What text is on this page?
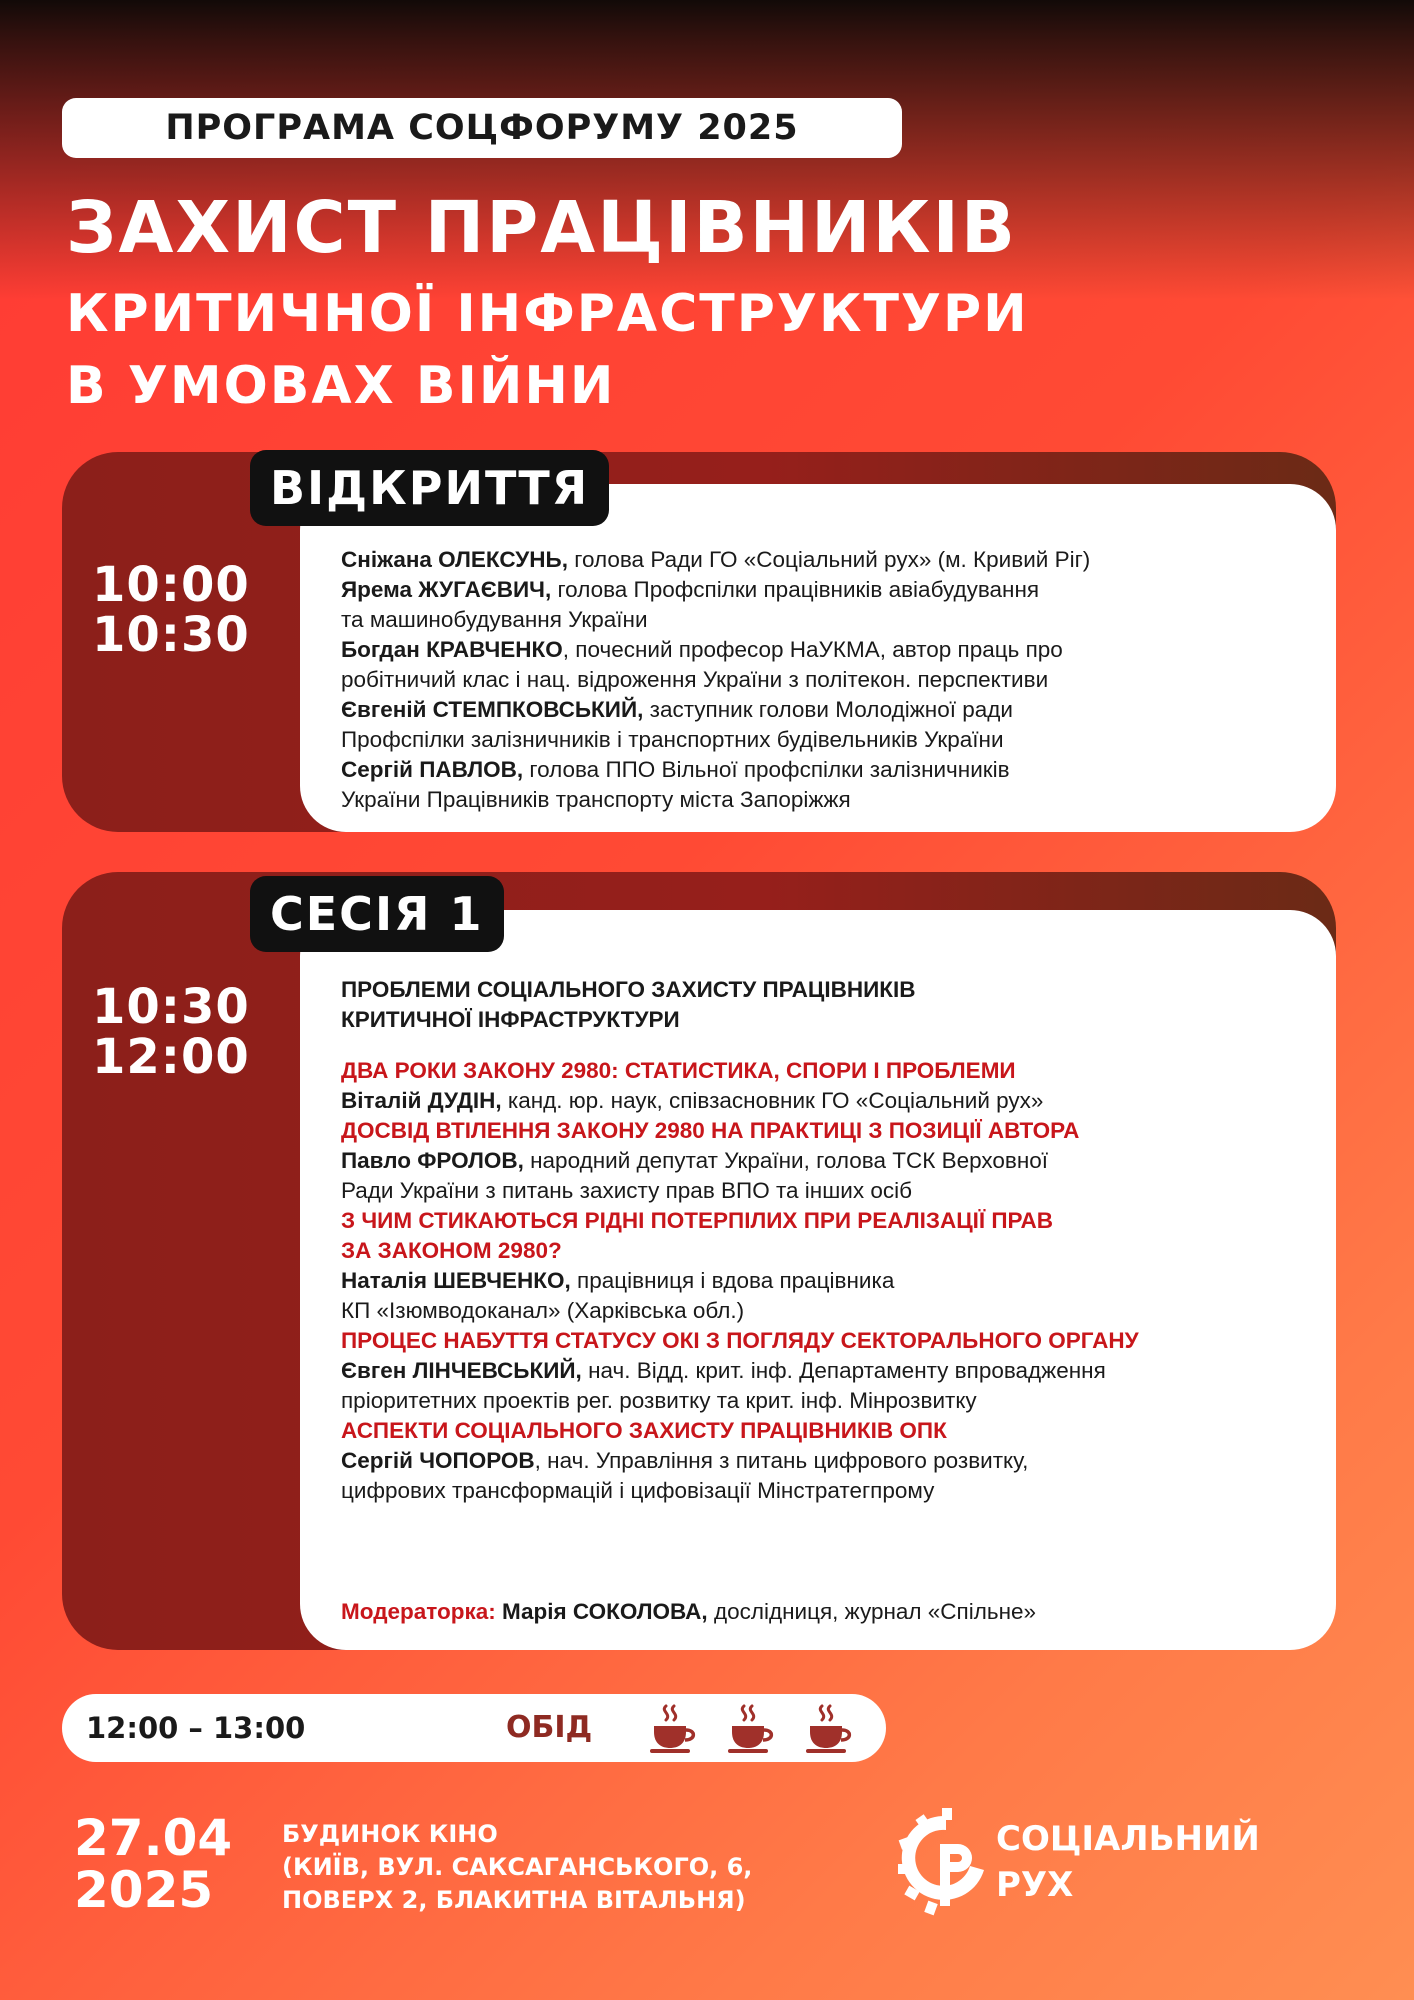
ПРОГРАМА СОЦФОРУМУ 2025
ЗАХИСТ ПРАЦІВНИКІВ
КРИТИЧНОЇ ІНФРАСТРУКТУРИ
В УМОВАХ ВІЙНИ
ВІДКРИТТЯ
10:00
10:30
Сніжана ОЛЕКСУНЬ, голова Ради ГО «Соціальний рух» (м. Кривий Ріг)
Ярема ЖУГАЄВИЧ, голова Профспілки працівників авіабудування
та машинобудування України
Богдан КРАВЧЕНКО, почесний професор НаУКМА, автор праць про
робітничий клас і нац. відроження України з політекон. перспективи
Євгеній СТЕМПКОВСЬКИЙ, заступник голови Молодіжної ради
Профспілки залізничників і транспортних будівельників України
Сергій ПАВЛОВ, голова ППО Вільної профспілки залізничників
України Працівників транспорту міста Запоріжжя
СЕСІЯ 1
10:30
12:00
ПРОБЛЕМИ СОЦІАЛЬНОГО ЗАХИСТУ ПРАЦІВНИКІВ
КРИТИЧНОЇ ІНФРАСТРУКТУРИ
ДВА РОКИ ЗАКОНУ 2980: СТАТИСТИКА, СПОРИ І ПРОБЛЕМИ
Віталій ДУДІН, канд. юр. наук, співзасновник ГО «Соціальний рух»
ДОСВІД ВТІЛЕННЯ ЗАКОНУ 2980 НА ПРАКТИЦІ З ПОЗИЦІЇ АВТОРА
Павло ФРОЛОВ, народний депутат України, голова ТСК Верховної
Ради України з питань захисту прав ВПО та інших осіб
З ЧИМ СТИКАЮТЬСЯ РІДНІ ПОТЕРПІЛИХ ПРИ РЕАЛІЗАЦІЇ ПРАВ
ЗА ЗАКОНОМ 2980?
Наталія ШЕВЧЕНКО, працівниця і вдова працівника
КП «Ізюмводоканал» (Харківська обл.)
ПРОЦЕС НАБУТТЯ СТАТУСУ ОКІ З ПОГЛЯДУ СЕКТОРАЛЬНОГО ОРГАНУ
Євген ЛІНЧЕВСЬКИЙ, нач. Відд. крит. інф. Департаменту впровадження
пріоритетних проектів рег. розвитку та крит. інф. Мінрозвитку
АСПЕКТИ СОЦІАЛЬНОГО ЗАХИСТУ ПРАЦІВНИКІВ ОПК
Сергій ЧОПОРОВ, нач. Управління з питань цифрового розвитку,
цифрових трансформацій і цифовізації Мінстратегпрому
Модераторка: Марія СОКОЛОВА, дослідниця, журнал «Спільне»
12:00 – 13:00	ОБІД
27.04
2025
БУДИНОК КІНО
(КИЇВ, ВУЛ. САКСАГАНСЬКОГО, 6,
ПОВЕРХ 2, БЛАКИТНА ВІТАЛЬНЯ)
СОЦІАЛЬНИЙ
РУХ
